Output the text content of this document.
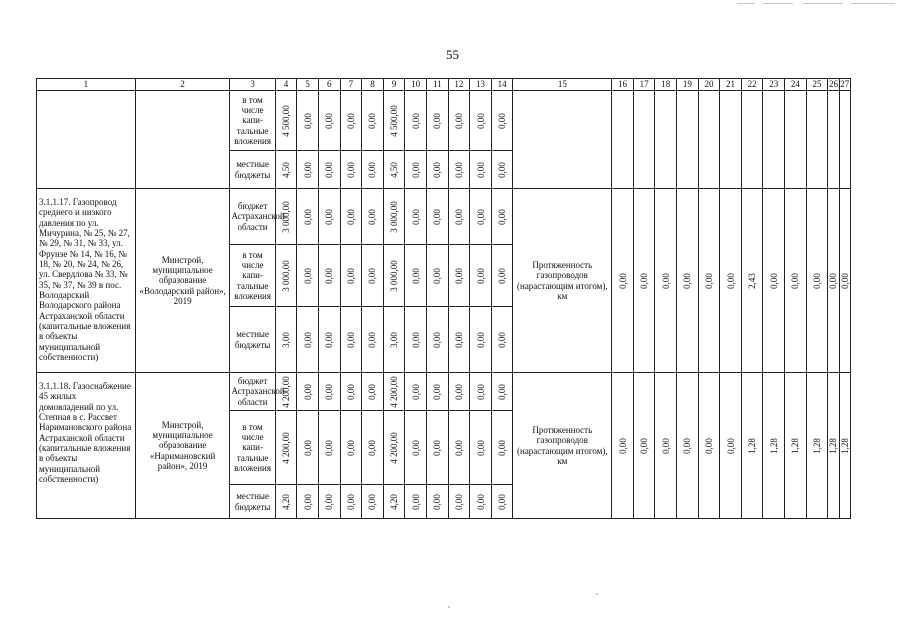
55
1	2	3	4	5	6	7	8	9	10	11	12	13	14	15	16	17	18	19	20	21	22	23	24	25	26	27
		в том числе капи-тальные вложения	4 500,00	0,00	0,00	0,00	0,00	4 500,00	0,00	0,00	0,00	0,00	0,00													

		местные бюджеты	4,50	0,00	0,00	0,00	0,00	4,50	0,00	0,00	0,00	0,00	0,00													

3.1.1.17. Газопровод среднего и низкого давления по ул. Мичурина, № 25, № 27, № 29, № 31, № 33, ул. Фрунзе № 14, № 16, № 18, № 20, № 24, № 26, ул. Свердлова № 33, № 35, № 37, № 39 в пос. Володарский Володарского района Астраханской области (капитальные вложения в объекты муниципальной собственности)	Минстрой, муниципальное образование «Володарский район», 2019	бюджет Астраханской области	3 000,00	0,00	0,00	0,00	0,00	3 000,00	0,00	0,00	0,00	0,00	0,00	Протяженность газопроводов (нарастающим итогом), км	0,00	0,00	0,00	0,00	0,00	0,00	2,43	0,00	0,00	0,00	0,00	0,00

		в том числе капи-тальные вложения	3 000,00	0,00	0,00	0,00	0,00	3 000,00	0,00	0,00	0,00	0,00	0,00													

		местные бюджеты	3,00	0,00	0,00	0,00	0,00	3,00	0,00	0,00	0,00	0,00	0,00													

3.1.1.18. Газоснабжение 45 жилых домовладений по ул. Степная в с. Рассвет Наримановского района Астраханской области (капитальные вложения в объекты муниципальной собственности)	Минстрой, муниципальное образование «Наримановский район», 2019	бюджет Астраханской области	4 200,00	0,00	0,00	0,00	0,00	4 200,00	0,00	0,00	0,00	0,00	0,00	Протяженность газопроводов (нарастающим итогом), км	0,00	0,00	0,00	0,00	0,00	0,00	1,28	1,28	1,28	1,28	1,28	1,28

		в том числе капи-тальные вложения	4 200,00	0,00	0,00	0,00	0,00	4 200,00	0,00	0,00	0,00	0,00	0,00													

		местные бюджеты	4,20	0,00	0,00	0,00	0,00	4,20	0,00	0,00	0,00	0,00	0,00													
